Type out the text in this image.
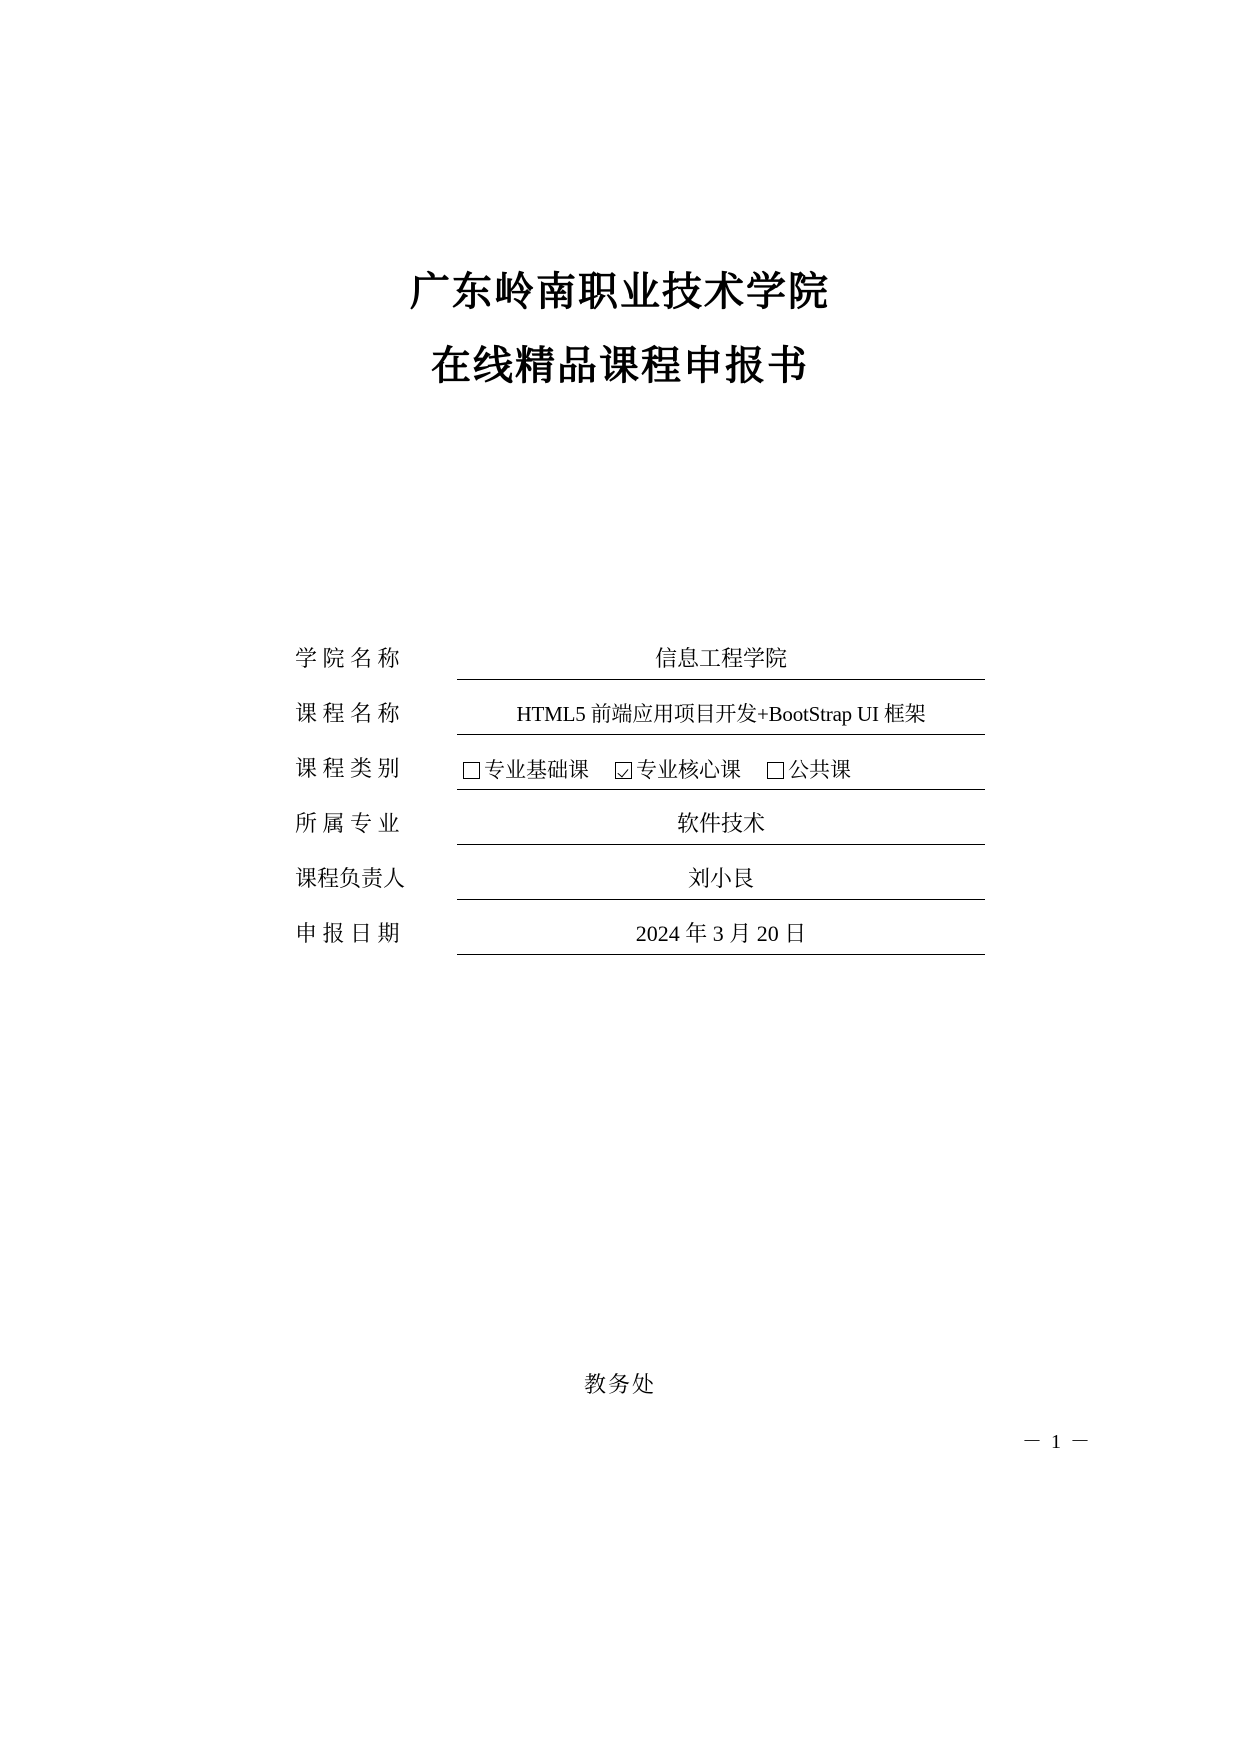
广东岭南职业技术学院
在线精品课程申报书
学 院 名 称	信息工程学院
课 程 名 称	HTML5 前端应用项目开发+BootStrap UI 框架
课 程 类 别	专业基础课 专业核心课 公共课
所 属 专 业	软件技术
课程负责人	刘小艮
申 报 日 期	2024 年 3 月 20 日
教务处
－ 1 －
